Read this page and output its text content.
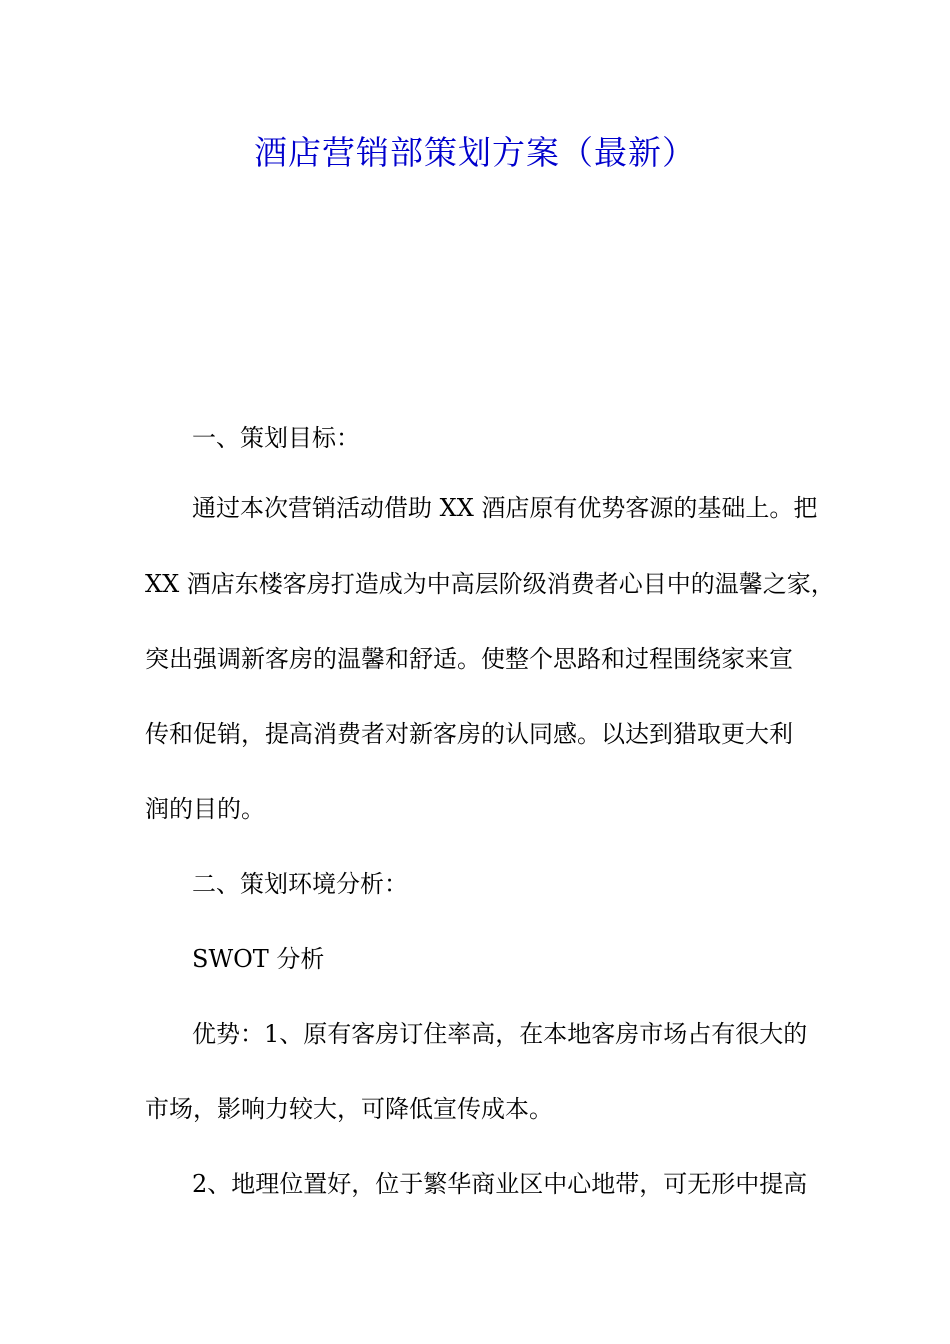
酒店营销部策划方案（最新）

一、策划目标：

通过本次营销活动借助 XX 酒店原有优势客源的基础上。把

XX 酒店东楼客房打造成为中高层阶级消费者心目中的温馨之家，

突出强调新客房的温馨和舒适。使整个思路和过程围绕家来宣

传和促销，提高消费者对新客房的认同感。以达到猎取更大利

润的目的。

二、策划环境分析：

SWOT 分析

优势：1、原有客房订住率高，在本地客房市场占有很大的

市场，影响力较大，可降低宣传成本。

2、地理位置好，位于繁华商业区中心地带，可无形中提高
